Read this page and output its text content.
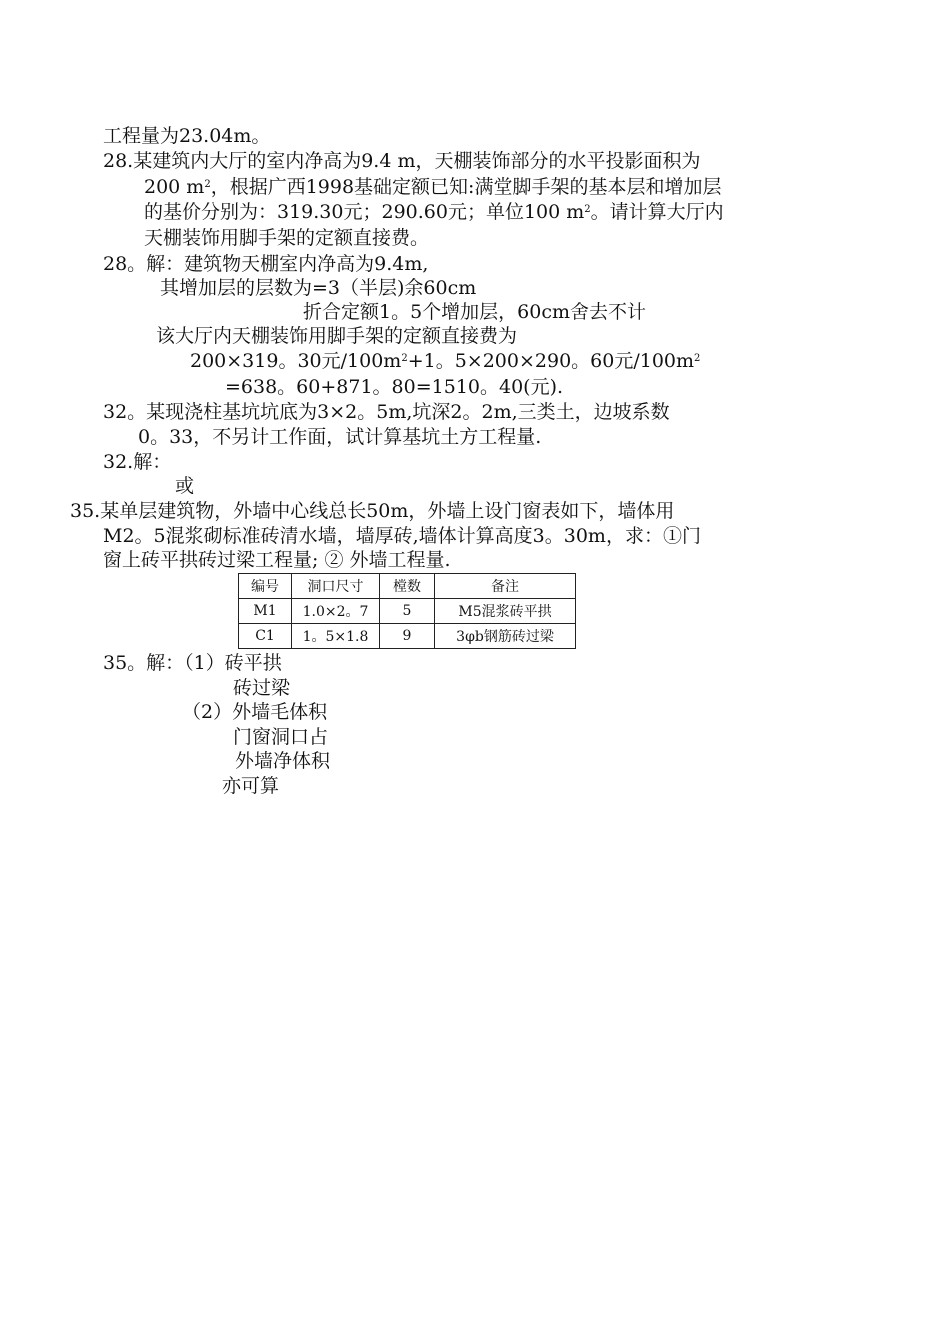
工程量为23.04m。
28.某建筑内大厅的室内净高为9.4 m，天棚装饰部分的水平投影面积为
200 $m^2$，根据广西1998基础定额已知:满堂脚手架的基本层和增加层
的基价分别为：319.30元；290.60元；单位100 $m^2$。请计算大厅内
天棚装饰用脚手架的定额直接费。
28。解：建筑物天棚室内净高为9.4m,
其增加层的层数为=3（半层)余60cm
折合定额1。5个增加层，60cm舍去不计
该大厅内天棚装饰用脚手架的定额直接费为
200×319。30元$/100m^2+1$。5×200×290。60元$/100m^2$
=638。60+871。80=1510。40(元).
32。某现浇柱基坑坑底为3×2。5m,坑深2。2m,三类土，边坡系数
0。33，不另计工作面，试计算基坑土方工程量.
32.解：
或
35.某单层建筑物，外墙中心线总长50m，外墙上设门窗表如下，墙体用
M2。5混浆砌标准砖清水墙，墙厚砖,墙体计算高度3。30m，求：①门
窗上砖平拱砖过梁工程量; ② 外墙工程量.
编号	洞口尺寸	樘数	备注
M1	1.0×2。7	5	M5混浆砖平拱
C1	1。5×1.8	9	3φb钢筋砖过梁
35。解：（1）砖平拱
砖过梁
（2）外墙毛体积
门窗洞口占
外墙净体积
亦可算
